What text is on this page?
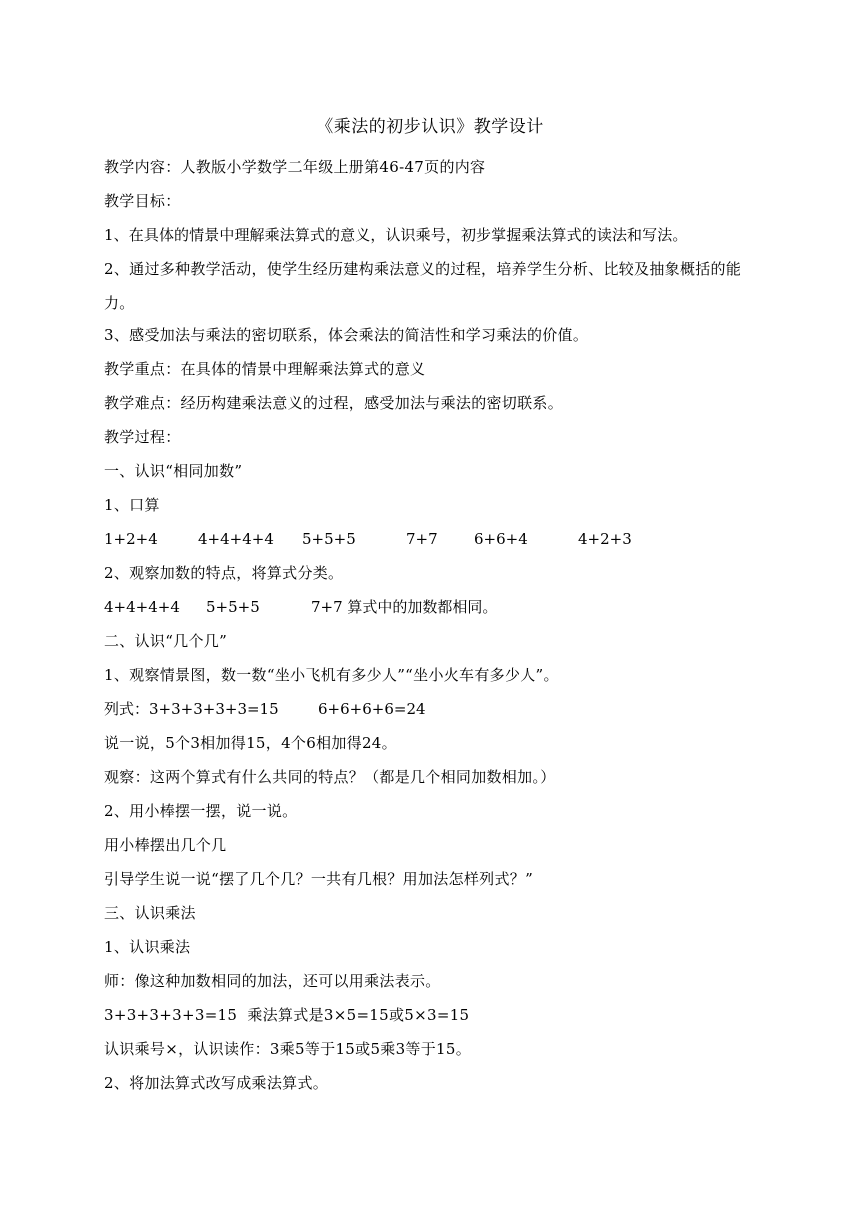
《乘法的初步认识》教学设计
教学内容：人教版小学数学二年级上册第46-47页的内容
教学目标：
1、在具体的情景中理解乘法算式的意义，认识乘号，初步掌握乘法算式的读法和写法。
2、通过多种教学活动，使学生经历建构乘法意义的过程，培养学生分析、比较及抽象概括的能力。
3、感受加法与乘法的密切联系，体会乘法的简洁性和学习乘法的价值。
教学重点：在具体的情景中理解乘法算式的意义
教学难点：经历构建乘法意义的过程，感受加法与乘法的密切联系。
教学过程：
一、认识“相同加数”
1、口算
1+2+4	4+4+4+4 5+5+5	7+7 6+6+4	4+2+3
2、观察加数的特点，将算式分类。
4+4+4+4 5+5+5	7+7 算式中的加数都相同。
二、认识“几个几”
1、观察情景图，数一数“坐小飞机有多少人”“坐小火车有多少人”。
列式：3+3+3+3+3=15	6+6+6+6=24
说一说，5个3相加得15，4个6相加得24。
观察：这两个算式有什么共同的特点？（都是几个相同加数相加。）
2、用小棒摆一摆，说一说。
用小棒摆出几个几
引导学生说一说“摆了几个几？一共有几根？用加法怎样列式？”
三、认识乘法
1、认识乘法
师：像这种加数相同的加法，还可以用乘法表示。
3+3+3+3+3=15  乘法算式是3×5=15或5×3=15
认识乘号×，认识读作：3乘5等于15或5乘3等于15。
2、将加法算式改写成乘法算式。
